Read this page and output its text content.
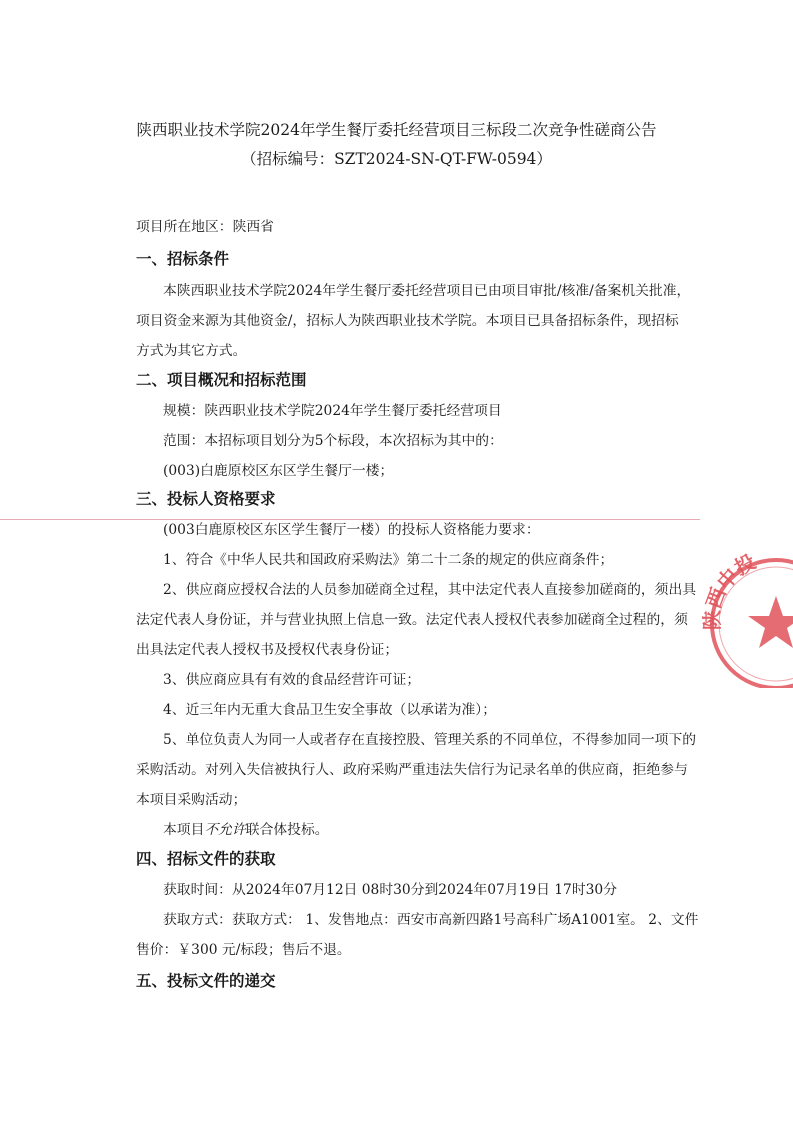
陕西职业技术学院2024年学生餐厅委托经营项目三标段二次竞争性磋商公告
（招标编号：SZT2024-SN-QT-FW-0594）
项目所在地区：陕西省
一、招标条件
本陕西职业技术学院2024年学生餐厅委托经营项目已由项目审批/核准/备案机关批准，
项目资金来源为其他资金/，招标人为陕西职业技术学院。本项目已具备招标条件，现招标
方式为其它方式。
二、项目概况和招标范围
规模：陕西职业技术学院2024年学生餐厅委托经营项目
范围：本招标项目划分为5个标段，本次招标为其中的：
(003)白鹿原校区东区学生餐厅一楼；
三、投标人资格要求
(003白鹿原校区东区学生餐厅一楼）的投标人资格能力要求：
1、符合《中华人民共和国政府采购法》第二十二条的规定的供应商条件；
2、供应商应授权合法的人员参加磋商全过程，其中法定代表人直接参加磋商的，须出具
法定代表人身份证，并与营业执照上信息一致。法定代表人授权代表参加磋商全过程的，须
出具法定代表人授权书及授权代表身份证；
3、供应商应具有有效的食品经营许可证；
4、近三年内无重大食品卫生安全事故（以承诺为准）；
5、单位负责人为同一人或者存在直接控股、管理关系的不同单位，不得参加同一项下的
采购活动。对列入失信被执行人、政府采购严重违法失信行为记录名单的供应商，拒绝参与
本项目采购活动；
本项目不允许联合体投标。
四、招标文件的获取
获取时间：从2024年07月12日 08时30分到2024年07月19日 17时30分
获取方式：获取方式： 1、发售地点：西安市高新四路1号高科广场A1001室。 2、文件
售价：￥300 元/标段；售后不退。
五、投标文件的递交
陕西中投
